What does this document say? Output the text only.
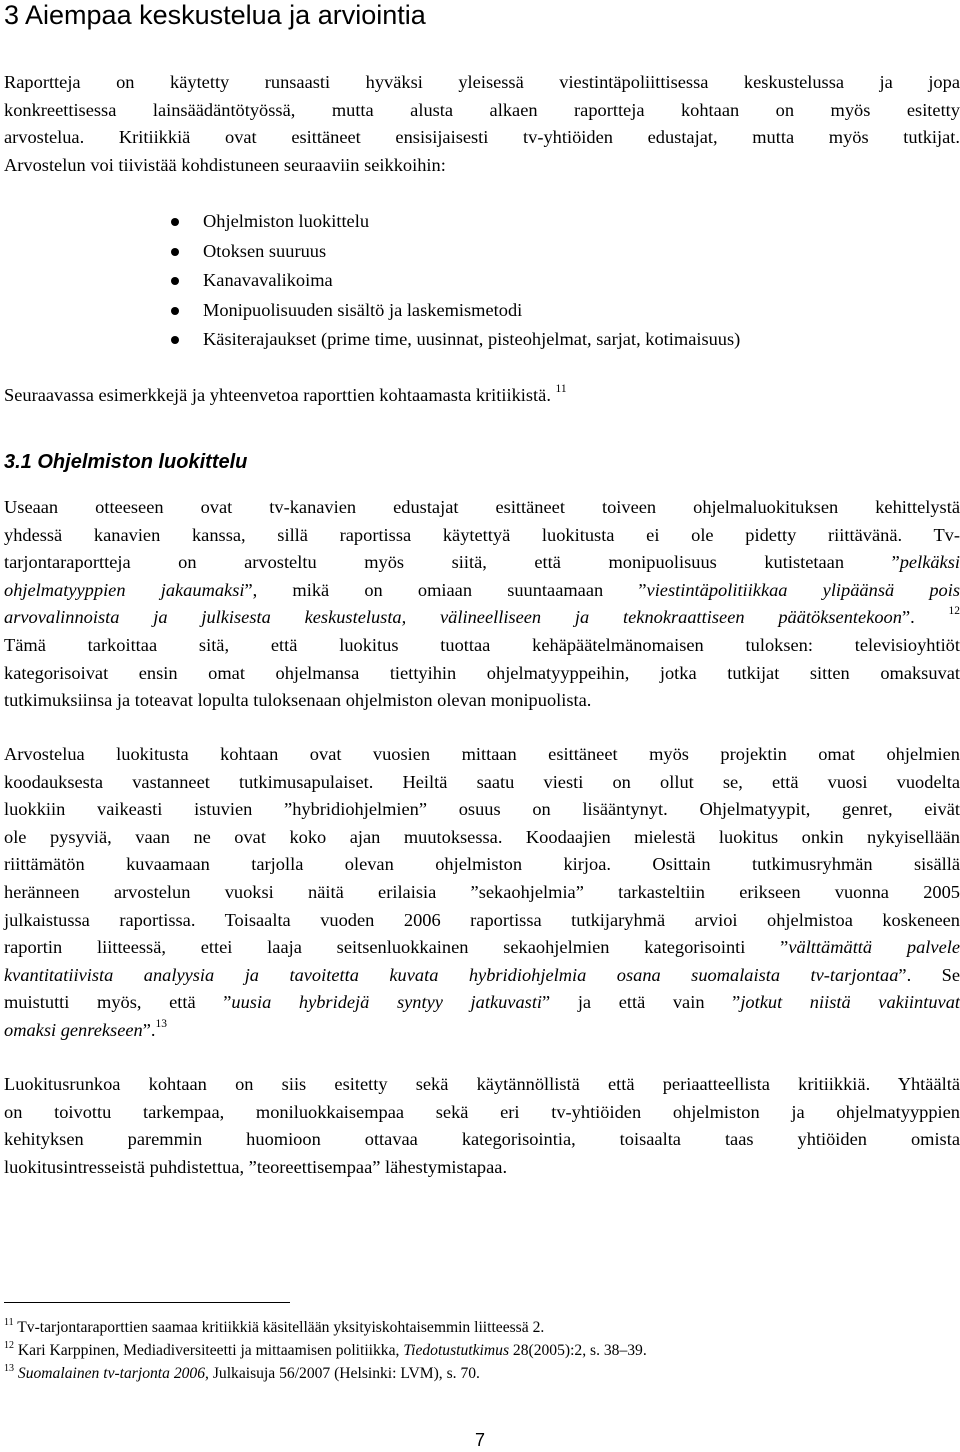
3 Aiempaa keskustelua ja arviointia
Raportteja on käytetty runsaasti hyväksi yleisessä viestintäpoliittisessa keskustelussa ja jopa
konkreettisessa lainsäädäntötyössä, mutta alusta alkaen raportteja kohtaan on myös esitetty
arvostelua. Kritiikkiä ovat esittäneet ensisijaisesti tv-yhtiöiden edustajat, mutta myös tutkijat.
Arvostelun voi tiivistää kohdistuneen seuraaviin seikkoihin:
Ohjelmiston luokittelu
Otoksen suuruus
Kanavavalikoima
Monipuolisuuden sisältö ja laskemismetodi
Käsiterajaukset (prime time, uusinnat, pisteohjelmat, sarjat, kotimaisuus)
Seuraavassa esimerkkejä ja yhteenvetoa raporttien kohtaamasta kritiikistä. $^{11}$
3.1 Ohjelmiston luokittelu
Useaan otteeseen ovat tv-kanavien edustajat esittäneet toiveen ohjelmaluokituksen kehittelystä
yhdessä kanavien kanssa, sillä raportissa käytettyä luokitusta ei ole pidetty riittävänä. Tv-
tarjontaraportteja on arvosteltu myös siitä, että monipuolisuus kutistetaan ”pelkäksi
ohjelmatyyppien jakaumaksi”, mikä on omiaan suuntaamaan ”viestintäpolitiikkaa ylipäänsä pois
arvovalinnoista ja julkisesta keskustelusta, välineelliseen ja teknokraattiseen päätöksentekoon”. $^{12}$
Tämä tarkoittaa sitä, että luokitus tuottaa kehäpäätelmänomaisen tuloksen: televisioyhtiöt
kategorisoivat ensin omat ohjelmansa tiettyihin ohjelmatyyppeihin, jotka tutkijat sitten omaksuvat
tutkimuksiinsa ja toteavat lopulta tuloksenaan ohjelmiston olevan monipuolista.
Arvostelua luokitusta kohtaan ovat vuosien mittaan esittäneet myös projektin omat ohjelmien
koodauksesta vastanneet tutkimusapulaiset. Heiltä saatu viesti on ollut se, että vuosi vuodelta
luokkiin vaikeasti istuvien ”hybridiohjelmien” osuus on lisääntynyt. Ohjelmatyypit, genret, eivät
ole pysyviä, vaan ne ovat koko ajan muutoksessa. Koodaajien mielestä luokitus onkin nykyisellään
riittämätön kuvaamaan tarjolla olevan ohjelmiston kirjoa. Osittain tutkimusryhmän sisällä
heränneen arvostelun vuoksi näitä erilaisia ”sekaohjelmia” tarkasteltiin erikseen vuonna 2005
julkaistussa raportissa. Toisaalta vuoden 2006 raportissa tutkijaryhmä arvioi ohjelmistoa koskeneen
raportin liitteessä, ettei laaja seitsenluokkainen sekaohjelmien kategorisointi ”välttämättä palvele
kvantitatiivista analyysia ja tavoitetta kuvata hybridiohjelmia osana suomalaista tv-tarjontaa”. Se
muistutti myös, että ”uusia hybridejä syntyy jatkuvasti” ja että vain ”jotkut niistä vakiintuvat
omaksi genrekseen”.$^{13}$
Luokitusrunkoa kohtaan on siis esitetty sekä käytännöllistä että periaatteellista kritiikkiä. Yhtäältä
on toivottu tarkempaa, moniluokkaisempaa sekä eri tv-yhtiöiden ohjelmiston ja ohjelmatyyppien
kehityksen paremmin huomioon ottavaa kategorisointia, toisaalta taas yhtiöiden omista
luokitusintresseistä puhdistettua, ”teoreettisempaa” lähestymistapaa.
$^{11}$ Tv-tarjontaraporttien saamaa kritiikkiä käsitellään yksityiskohtaisemmin liitteessä 2.
$^{12}$ Kari Karppinen, Mediadiversiteetti ja mittaamisen politiikka, Tiedotustutkimus 28(2005):2, s. 38–39.
$^{13}$ Suomalainen tv-tarjonta 2006, Julkaisuja 56/2007 (Helsinki: LVM), s. 70.
7
